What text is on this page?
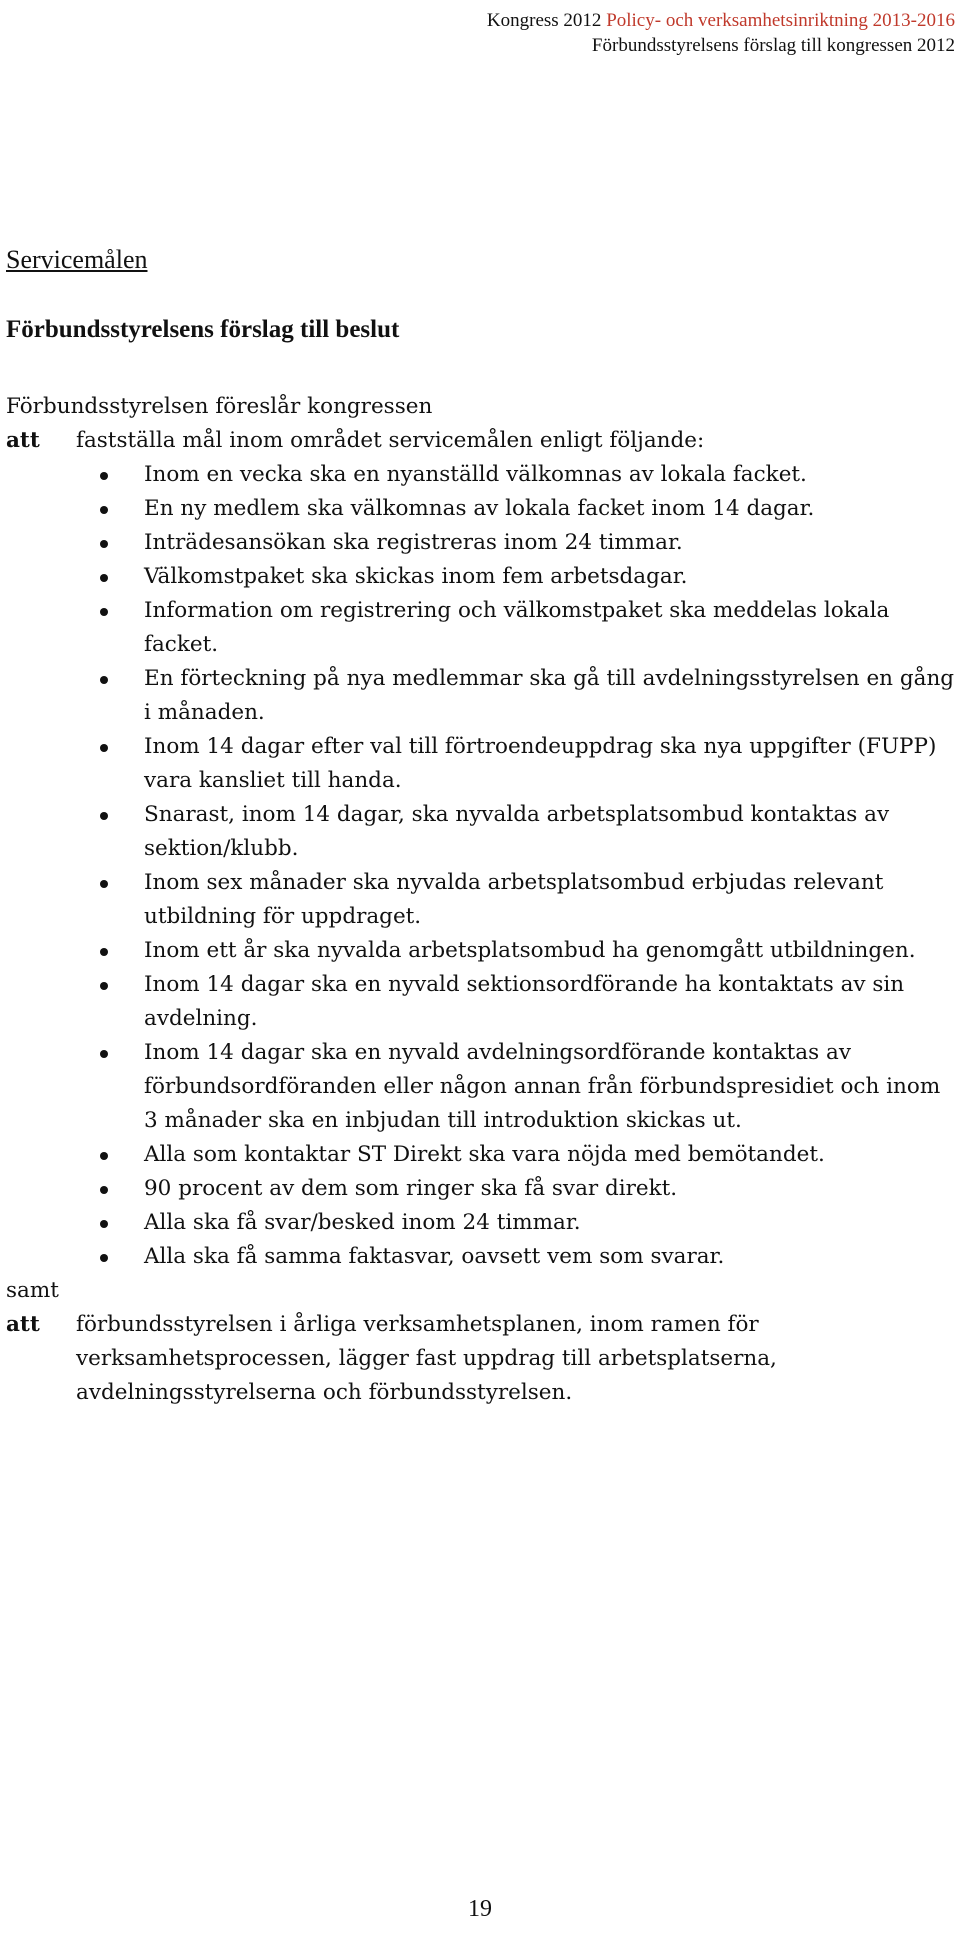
Kongress 2012 Policy- och verksamhetsinriktning 2013-2016
Förbundsstyrelsens förslag till kongressen 2012
Servicemålen
Förbundsstyrelsens förslag till beslut

Förbundsstyrelsen föreslår kongressen

att	fastställa mål inom området servicemålen enligt följande:
Inom en vecka ska en nyanställd välkomnas av lokala facket.
En ny medlem ska välkomnas av lokala facket inom 14 dagar.
Inträdesansökan ska registreras inom 24 timmar.
Välkomstpaket ska skickas inom fem arbetsdagar.
Information om registrering och välkomstpaket ska meddelas lokala facket.
En förteckning på nya medlemmar ska gå till avdelningsstyrelsen en gång i månaden.
Inom 14 dagar efter val till förtroendeuppdrag ska nya uppgifter (FUPP) vara kansliet till handa.
Snarast, inom 14 dagar, ska nyvalda arbetsplatsombud kontaktas av sektion/klubb.
Inom sex månader ska nyvalda arbetsplatsombud erbjudas relevant utbildning för uppdraget.
Inom ett år ska nyvalda arbetsplatsombud ha genomgått utbildningen.
Inom 14 dagar ska en nyvald sektionsordförande ha kontaktats av sin avdelning.
Inom 14 dagar ska en nyvald avdelningsordförande kontaktas av förbundsordföranden eller någon annan från förbundspresidiet och inom 3 månader ska en inbjudan till introduktion skickas ut.
Alla som kontaktar ST Direkt ska vara nöjda med bemötandet.
90 procent av dem som ringer ska få svar direkt.
Alla ska få svar/besked inom 24 timmar.
Alla ska få samma faktasvar, oavsett vem som svarar.

samt

att	förbundsstyrelsen i årliga verksamhetsplanen, inom ramen för verksamhetsprocessen, lägger fast uppdrag till arbetsplatserna, avdelningsstyrelserna och förbundsstyrelsen.
19
